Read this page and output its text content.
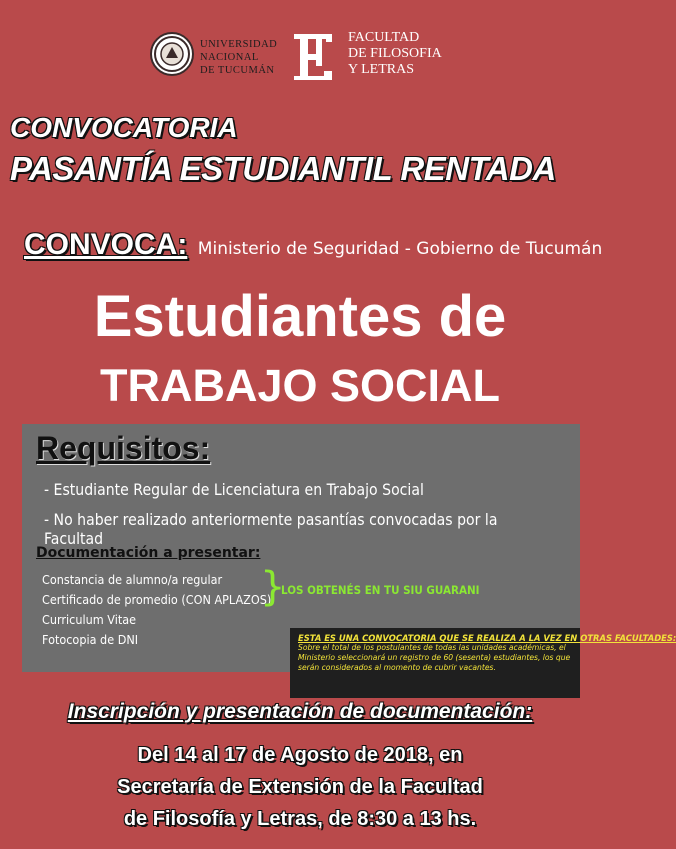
UNIVERSIDAD
NACIONAL
DE TUCUMÁN
FACULTAD
DE FILOSOFIA
Y LETRAS
CONVOCATORIA
PASANTÍA ESTUDIANTIL RENTADA
CONVOCA: Ministerio de Seguridad - Gobierno de Tucumán
Estudiantes de
TRABAJO SOCIAL
Requisitos:
- Estudiante Regular de Licenciatura en Trabajo Social
- No haber realizado anteriormente pasantías convocadas por la Facultad
Documentación a presentar:
Constancia de alumno/a regular
Certificado de promedio (CON APLAZOS)
Curriculum Vitae
Fotocopia de DNI
}
LOS OBTENÉS EN TU SIU GUARANI
ESTA ES UNA CONVOCATORIA QUE SE REALIZA A LA VEZ EN OTRAS FACULTADES:
Sobre el total de los postulantes de todas las unidades académicas, el Ministerio seleccionará un registro de 60 (sesenta) estudiantes, los que serán considerados al momento de cubrir vacantes.
Inscripción y presentación de documentación:
Del 14 al 17 de Agosto de 2018, en
Secretaría de Extensión de la Facultad
de Filosofía y Letras, de 8:30 a 13 hs.
